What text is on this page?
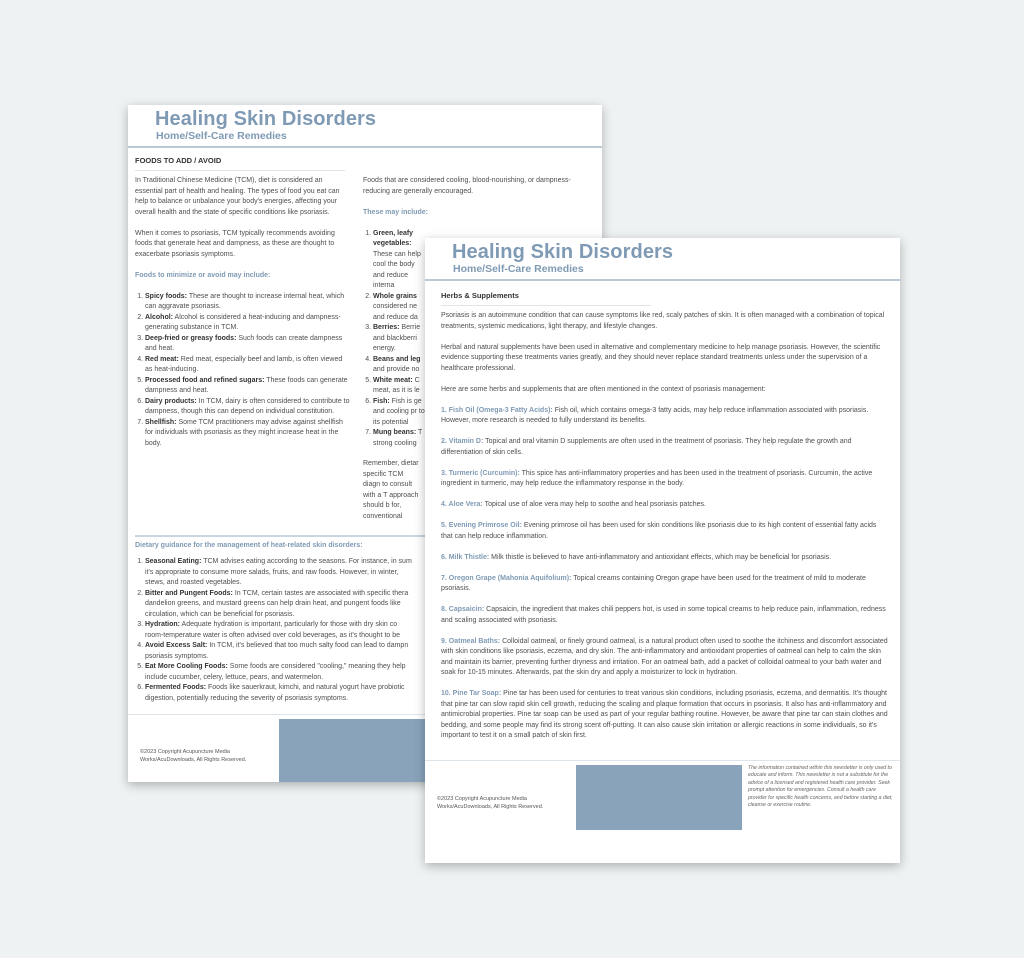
Healing Skin Disorders
Home/Self-Care Remedies
FOODS TO ADD / AVOID

In Traditional Chinese Medicine (TCM), diet is considered an essential part of health and healing. The types of food you eat can help to balance or unbalance your body's energies, affecting your overall health and the state of specific conditions like psoriasis.

When it comes to psoriasis, TCM typically recommends avoiding foods that generate heat and dampness, as these are thought to exacerbate psoriasis symptoms.

Foods to minimize or avoid may include:

1. Spicy foods: These are thought to increase internal heat, which can aggravate psoriasis.
2. Alcohol: Alcohol is considered a heat-inducing and dampness-generating substance in TCM.
3. Deep-fried or greasy foods: Such foods can create dampness and heat.
4. Red meat: Red meat, especially beef and lamb, is often viewed as heat-inducing.
5. Processed food and refined sugars: These foods can generate dampness and heat.
6. Dairy products: In TCM, dairy is often considered to contribute to dampness, though this can depend on individual constitution.
7. Shellfish: Some TCM practitioners may advise against shellfish for individuals with psoriasis as they might increase heat in the body.

Foods that are considered cooling, blood-nourishing, or dampness-reducing are generally encouraged.

These may include:

1. Green, leafy vegetables: These can help cool the body and reduce interna
2. Whole grains considered ne and reduce da
3. Berries: Berrie and blackberri energy.
4. Beans and leg and provide no
5. White meat: C meat, as it is le
6. Fish: Fish is ge and cooling pr to its potential
7. Mung beans: T strong cooling

Remember, dietar specific TCM diagn to consult with a T approach should b for, conventional

Dietary guidance for the management of heat-related skin disorders:

1. Seasonal Eating: TCM advises eating according to the seasons. For instance, in sum it's appropriate to consume more salads, fruits, and raw foods. However, in winter, stews, and roasted vegetables.
2. Bitter and Pungent Foods: In TCM, certain tastes are associated with specific thera dandelion greens, and mustard greens can help drain heat, and pungent foods like circulation, which can be beneficial for psoriasis.
3. Hydration: Adequate hydration is important, particularly for those with dry skin co room-temperature water is often advised over cold beverages, as it's thought to be
4. Avoid Excess Salt: In TCM, it's believed that too much salty food can lead to dampn psoriasis symptoms.
5. Eat More Cooling Foods: Some foods are considered "cooling," meaning they help include cucumber, celery, lettuce, pears, and watermelon.
6. Fermented Foods: Foods like sauerkraut, kimchi, and natural yogurt have probiotic digestion, potentially reducing the severity of psoriasis symptoms.
©2023 Copyright Acupuncture Media Works/AcuDownloads, All Rights Reserved.
Healing Skin Disorders
Home/Self-Care Remedies
Herbs & Supplements

Psoriasis is an autoimmune condition that can cause symptoms like red, scaly patches of skin. It is often managed with a combination of topical treatments, systemic medications, light therapy, and lifestyle changes.

Herbal and natural supplements have been used in alternative and complementary medicine to help manage psoriasis. However, the scientific evidence supporting these treatments varies greatly, and they should never replace standard treatments unless under the supervision of a healthcare professional.

Here are some herbs and supplements that are often mentioned in the context of psoriasis management:

1. Fish Oil (Omega-3 Fatty Acids): Fish oil, which contains omega-3 fatty acids, may help reduce inflammation associated with psoriasis. However, more research is needed to fully understand its benefits.

2. Vitamin D: Topical and oral vitamin D supplements are often used in the treatment of psoriasis. They help regulate the growth and differentiation of skin cells.

3. Turmeric (Curcumin): This spice has anti-inflammatory properties and has been used in the treatment of psoriasis. Curcumin, the active ingredient in turmeric, may help reduce the inflammatory response in the body.

4. Aloe Vera: Topical use of aloe vera may help to soothe and heal psoriasis patches.

5. Evening Primrose Oil: Evening primrose oil has been used for skin conditions like psoriasis due to its high content of essential fatty acids that can help reduce inflammation.

6. Milk Thistle: Milk thistle is believed to have anti-inflammatory and antioxidant effects, which may be beneficial for psoriasis.

7. Oregon Grape (Mahonia Aquifolium): Topical creams containing Oregon grape have been used for the treatment of mild to moderate psoriasis.

8. Capsaicin: Capsaicin, the ingredient that makes chili peppers hot, is used in some topical creams to help reduce pain, inflammation, redness and scaling associated with psoriasis.

9. Oatmeal Baths: Colloidal oatmeal, or finely ground oatmeal, is a natural product often used to soothe the itchiness and discomfort associated with skin conditions like psoriasis, eczema, and dry skin. The anti-inflammatory and antioxidant properties of oatmeal can help to calm the skin and maintain its barrier, preventing further dryness and irritation. For an oatmeal bath, add a packet of colloidal oatmeal to your bath water and soak for 10-15 minutes. Afterwards, pat the skin dry and apply a moisturizer to lock in hydration.

10. Pine Tar Soap: Pine tar has been used for centuries to treat various skin conditions, including psoriasis, eczema, and dermatitis. It's thought that pine tar can slow rapid skin cell growth, reducing the scaling and plaque formation that occurs in psoriasis. It also has anti-inflammatory and antimicrobial properties. Pine tar soap can be used as part of your regular bathing routine. However, be aware that pine tar can stain clothes and bedding, and some people may find its strong scent off-putting. It can also cause skin irritation or allergic reactions in some individuals, so it's important to test it on a small patch of skin first.

©2023 Copyright Acupuncture Media Works/AcuDownloads, All Rights Reserved.
The information contained within this newsletter is only used to educate and inform. This newsletter is not a substitute for the advice of a licensed and registered health care provider. Seek prompt attention for emergencies. Consult a health care provider for specific health concerns, and before starting a diet, cleanse or exercise routine.
